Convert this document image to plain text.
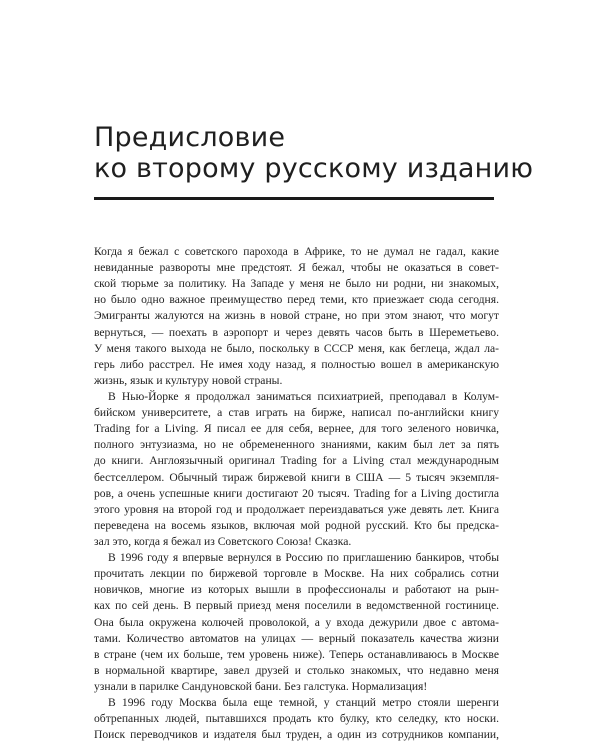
Предисловие
ко второму русскому изданию
Когда я бежал с советского парохода в Африке, то не думал не гадал, какие
невиданные развороты мне предстоят. Я бежал, чтобы не оказаться в совет-
ской тюрьме за политику. На Западе у меня не было ни родни, ни знакомых,
но было одно важное преимущество перед теми, кто приезжает сюда сегодня.
Эмигранты жалуются на жизнь в новой стране, но при этом знают, что могут
вернуться, — поехать в аэропорт и через девять часов быть в Шереметьево.
У меня такого выхода не было, поскольку в СССР меня, как беглеца, ждал ла-
герь либо расстрел. Не имея ходу назад, я полностью вошел в американскую
жизнь, язык и культуру новой страны.
В Нью-Йорке я продолжал заниматься психиатрией, преподавал в Колум-
бийском университете, а став играть на бирже, написал по-английски книгу
Trading for a Living. Я писал ее для себя, вернее, для того зеленого новичка,
полного энтузиазма, но не обремененного знаниями, каким был лет за пять
до книги. Англоязычный оригинал Trading for a Living стал международным
бестселлером. Обычный тираж биржевой книги в США — 5 тысяч экземпля-
ров, а очень успешные книги достигают 20 тысяч. Trading for a Living достигла
этого уровня на второй год и продолжает переиздаваться уже девять лет. Книга
переведена на восемь языков, включая мой родной русский. Кто бы предска-
зал это, когда я бежал из Советского Союза! Сказка.
В 1996 году я впервые вернулся в Россию по приглашению банкиров, чтобы
прочитать лекции по биржевой торговле в Москве. На них собрались сотни
новичков, многие из которых вышли в профессионалы и работают на рын-
ках по сей день. В первый приезд меня поселили в ведомственной гостинице.
Она была окружена колючей проволокой, а у входа дежурили двое с автома-
тами. Количество автоматов на улицах — верный показатель качества жизни
в стране (чем их больше, тем уровень ниже). Теперь останавливаюсь в Москве
в нормальной квартире, завел друзей и столько знакомых, что недавно меня
узнали в парилке Сандуновской бани. Без галстука. Нормализация!
В 1996 году Москва была еще темной, у станций метро стояли шеренги
обтрепанных людей, пытавшихся продать кто булку, кто селедку, кто носки.
Поиск переводчиков и издателя был труден, а один из сотрудников компании,
